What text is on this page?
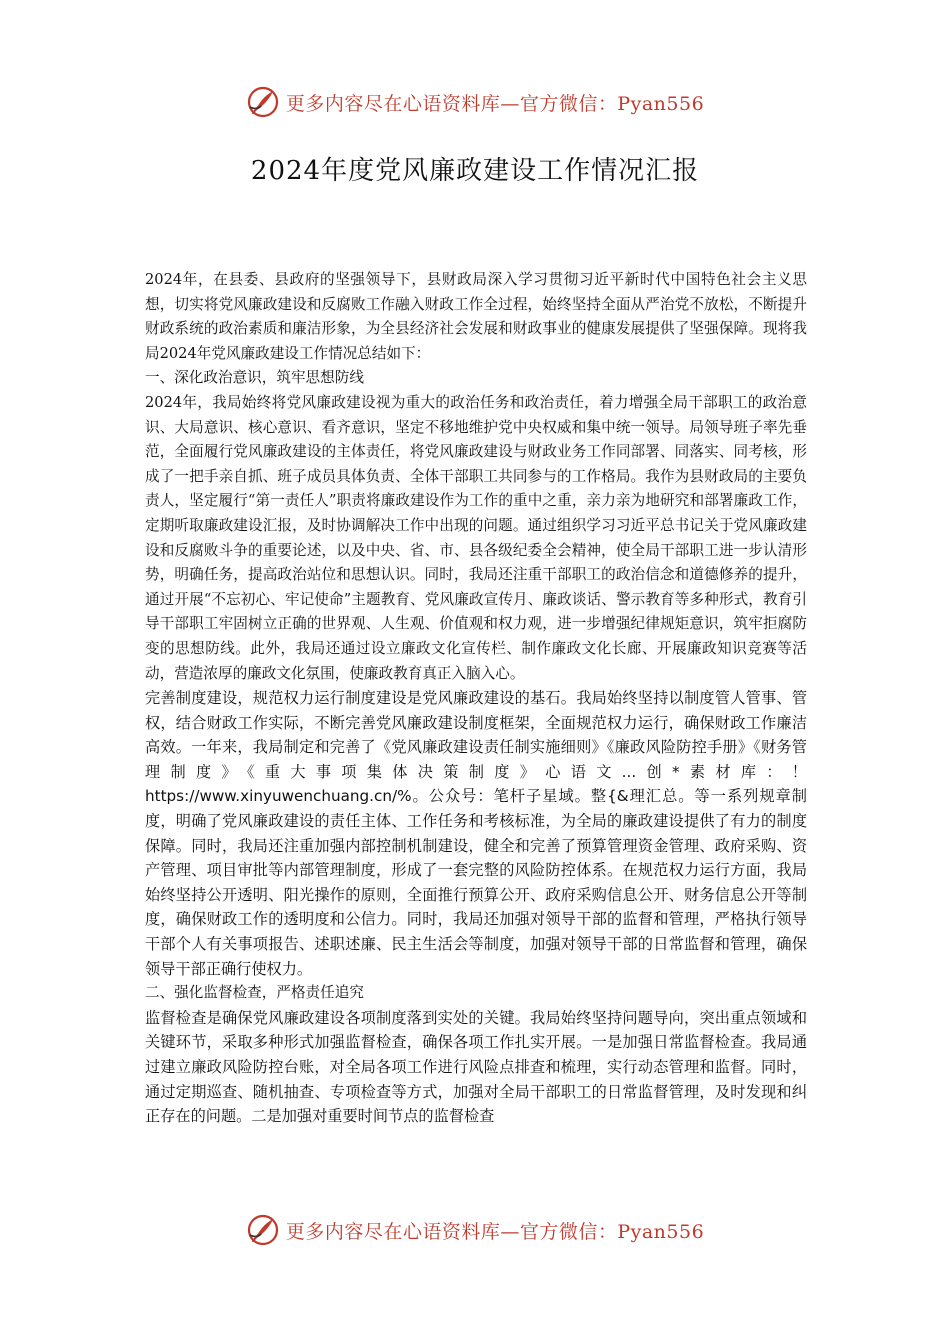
更多内容尽在心语资料库—官方微信：Pyan556
2024年度党风廉政建设工作情况汇报

2024年，在县委、县政府的坚强领导下，县财政局深入学习贯彻习近平新时代中国特色社会主义思想，切实将党风廉政建设和反腐败工作融入财政工作全过程，始终坚持全面从严治党不放松，不断提升财政系统的政治素质和廉洁形象，为全县经济社会发展和财政事业的健康发展提供了坚强保障。现将我局2024年党风廉政建设工作情况总结如下：

一、深化政治意识，筑牢思想防线

2024年，我局始终将党风廉政建设视为重大的政治任务和政治责任，着力增强全局干部职工的政治意识、大局意识、核心意识、看齐意识，坚定不移地维护党中央权威和集中统一领导。局领导班子率先垂范，全面履行党风廉政建设的主体责任，将党风廉政建设与财政业务工作同部署、同落实、同考核，形成了一把手亲自抓、班子成员具体负责、全体干部职工共同参与的工作格局。我作为县财政局的主要负责人，坚定履行“第一责任人”职责将廉政建设作为工作的重中之重，亲力亲为地研究和部署廉政工作，定期听取廉政建设汇报，及时协调解决工作中出现的问题。通过组织学习习近平总书记关于党风廉政建设和反腐败斗争的重要论述，以及中央、省、市、县各级纪委全会精神，使全局干部职工进一步认清形势，明确任务，提高政治站位和思想认识。同时，我局还注重干部职工的政治信念和道德修养的提升，通过开展“不忘初心、牢记使命”主题教育、党风廉政宣传月、廉政谈话、警示教育等多种形式，教育引导干部职工牢固树立正确的世界观、人生观、价值观和权力观，进一步增强纪律规矩意识，筑牢拒腐防变的思想防线。此外，我局还通过设立廉政文化宣传栏、制作廉政文化长廊、开展廉政知识竞赛等活动，营造浓厚的廉政文化氛围，使廉政教育真正入脑入心。

完善制度建设，规范权力运行制度建设是党风廉政建设的基石。我局始终坚持以制度管人管事、管权，结合财政工作实际，不断完善党风廉政建设制度框架，全面规范权力运行，确保财政工作廉洁高效。一年来，我局制定和完善了《党风廉政建设责任制实施细则》《廉政风险防控手册》《财务管理制度》《重大事项集体决策制度》心语文...创*素材库：！https://www.xinyuwenchuang.cn/%。公众号：笔杆子星域。整{&理汇总。等一系列规章制度，明确了党风廉政建设的责任主体、工作任务和考核标准，为全局的廉政建设提供了有力的制度保障。同时，我局还注重加强内部控制机制建设，健全和完善了预算管理资金管理、政府采购、资产管理、项目审批等内部管理制度，形成了一套完整的风险防控体系。在规范权力运行方面，我局始终坚持公开透明、阳光操作的原则，全面推行预算公开、政府采购信息公开、财务信息公开等制度，确保财政工作的透明度和公信力。同时，我局还加强对领导干部的监督和管理，严格执行领导干部个人有关事项报告、述职述廉、民主生活会等制度，加强对领导干部的日常监督和管理，确保领导干部正确行使权力。

二、强化监督检查，严格责任追究

监督检查是确保党风廉政建设各项制度落到实处的关键。我局始终坚持问题导向，突出重点领域和关键环节，采取多种形式加强监督检查，确保各项工作扎实开展。一是加强日常监督检查。我局通过建立廉政风险防控台账，对全局各项工作进行风险点排查和梳理，实行动态管理和监督。同时，通过定期巡查、随机抽查、专项检查等方式，加强对全局干部职工的日常监督管理，及时发现和纠正存在的问题。二是加强对重要时间节点的监督检查

更多内容尽在心语资料库—官方微信：Pyan556
